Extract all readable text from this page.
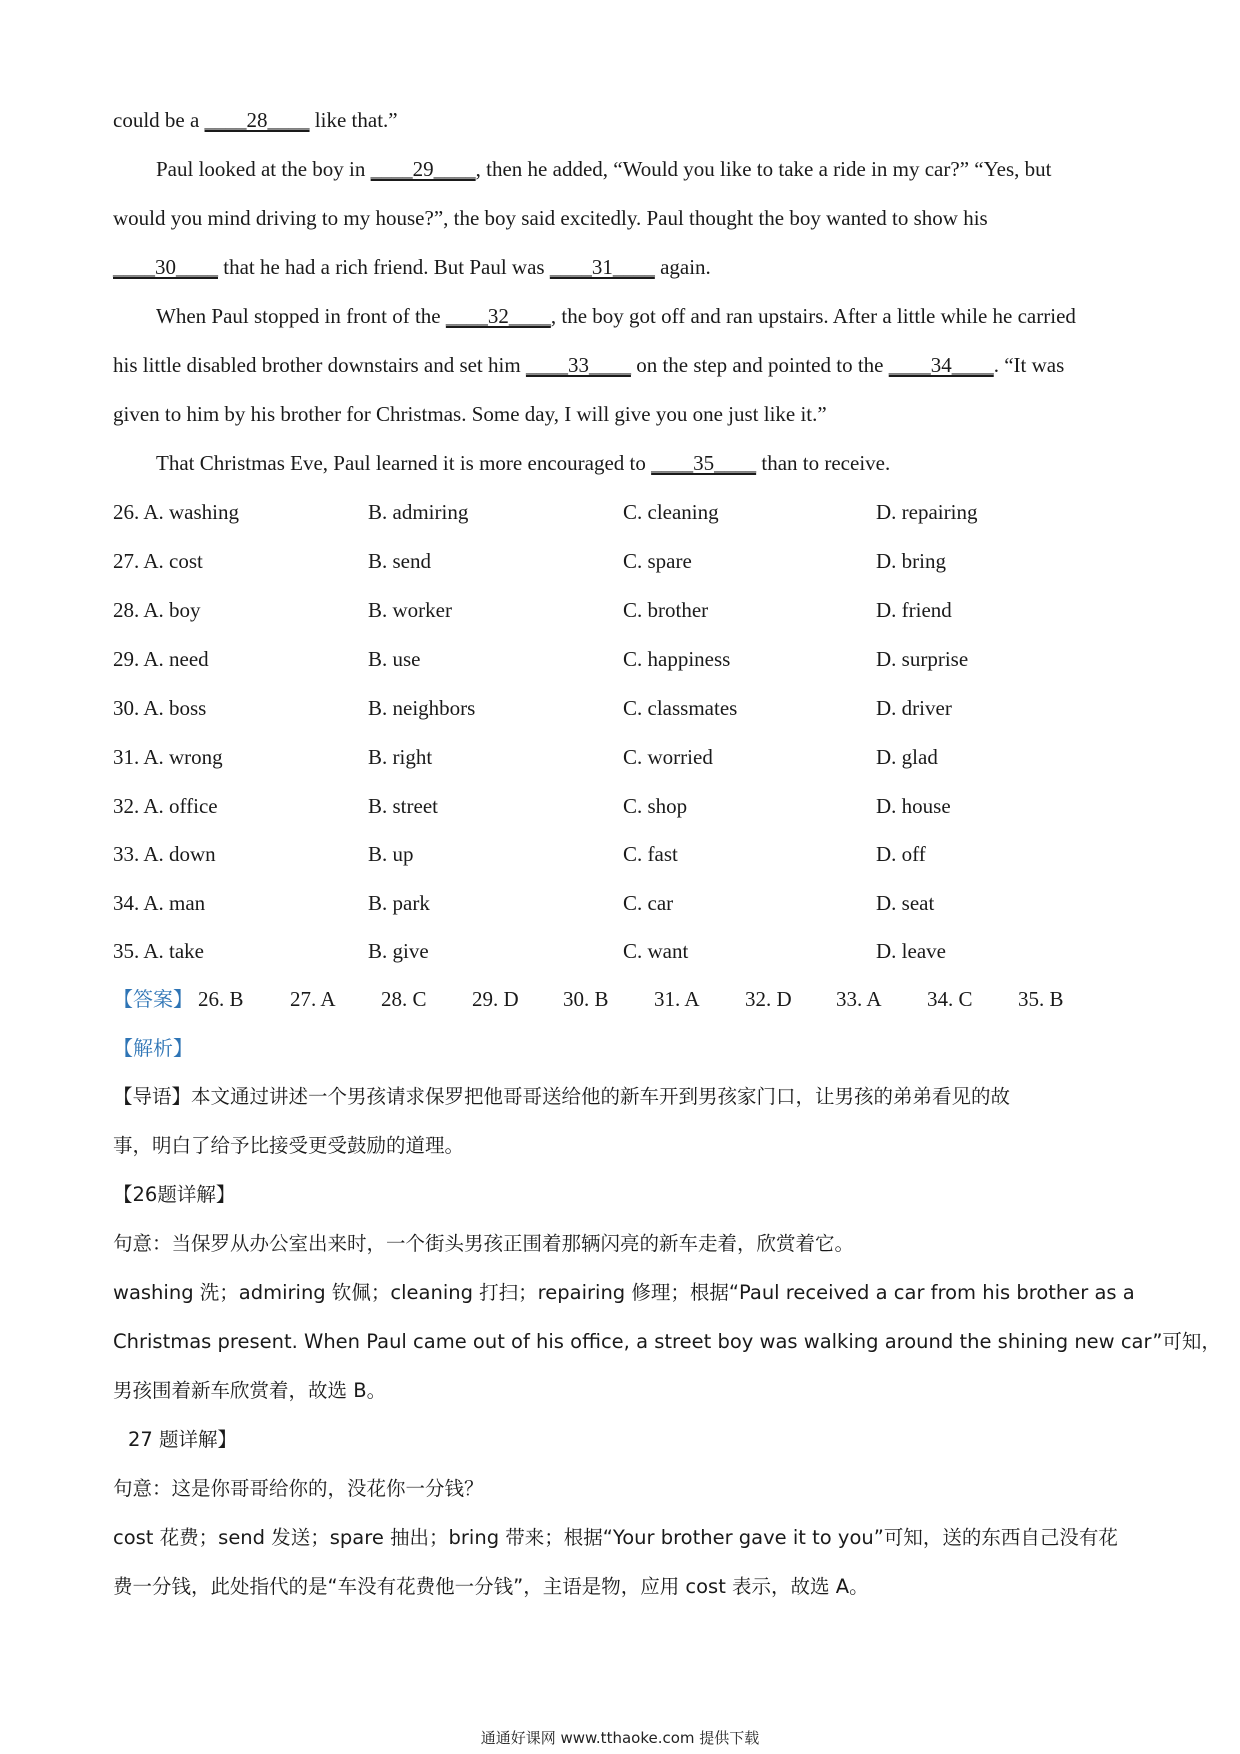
could be a ____28____ like that.”
Paul looked at the boy in ____29____, then he added, “Would you like to take a ride in my car?” “Yes, but
would you mind driving to my house?”, the boy said excitedly. Paul thought the boy wanted to show his
____30____ that he had a rich friend. But Paul was ____31____ again.
When Paul stopped in front of the ____32____, the boy got off and ran upstairs. After a little while he carried
his little disabled brother downstairs and set him ____33____ on the step and pointed to the ____34____. “It was
given to him by his brother for Christmas. Some day, I will give you one just like it.”
That Christmas Eve, Paul learned it is more encouraged to ____35____ than to receive.
26. A. washing	B. admiring	C. cleaning	D. repairing
27. A. cost	B. send	C. spare	D. bring
28. A. boy	B. worker	C. brother	D. friend
29. A. need	B. use	C. happiness	D. surprise
30. A. boss	B. neighbors	C. classmates	D. driver
31. A. wrong	B. right	C. worried	D. glad
32. A. office	B. street	C. shop	D. house
33. A. down	B. up	C. fast	D. off
34. A. man	B. park	C. car	D. seat
35. A. take	B. give	C. want	D. leave
【答案】 26. B 27. A 28. C 29. D 30. B 31. A 32. D 33. A 34. C 35. B
【解析】
【导语】本文通过讲述一个男孩请求保罗把他哥哥送给他的新车开到男孩家门口，让男孩的弟弟看见的故
事，明白了给予比接受更受鼓励的道理。
【26题详解】
句意：当保罗从办公室出来时，一个街头男孩正围着那辆闪亮的新车走着，欣赏着它。
washing 洗；admiring 钦佩；cleaning 打扫；repairing 修理；根据“Paul received a car from his brother as a
Christmas present. When Paul came out of his office, a street boy was walking around the shining new car”可知，
男孩围着新车欣赏着，故选 B。
27 题详解】
句意：这是你哥哥给你的，没花你一分钱？
cost 花费；send 发送；spare 抽出；bring 带来；根据“Your brother gave it to you”可知，送的东西自己没有花
费一分钱，此处指代的是“车没有花费他一分钱”，主语是物，应用 cost 表示，故选 A。
通通好课网 www.tthaoke.com 提供下载
